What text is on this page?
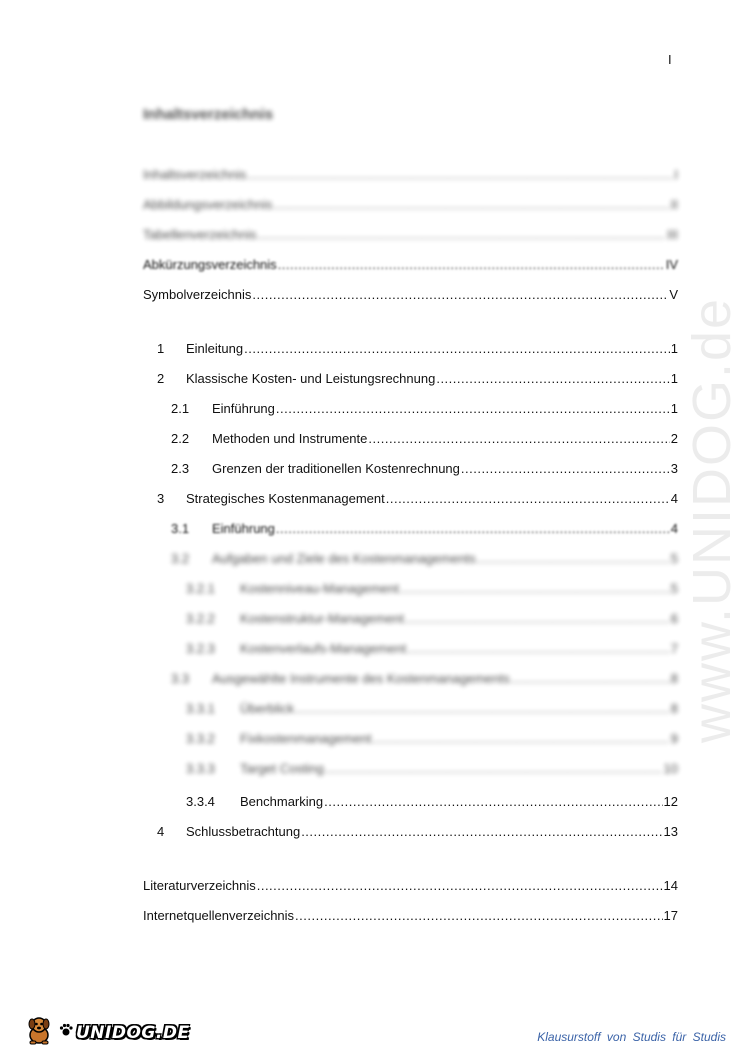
I
Inhaltsverzeichnis
Inhaltsverzeichnis .....	I
Abbildungsverzeichnis .....	II
Tabellenverzeichnis .....	III
Abkürzungsverzeichnis .....	IV
Symbolverzeichnis .....	V
1	Einleitung .....	1
2	Klassische Kosten- und Leistungsrechnung .....	1
2.1	Einführung .....	1
2.2	Methoden und Instrumente .....	2
2.3	Grenzen der traditionellen Kostenrechnung .....	3
3	Strategisches Kostenmanagement .....	4
3.1	Einführung .....	4
3.2	Aufgaben und Ziele des Kostenmanagements .....	5
3.2.1	Kostenniveau-Management .....	5
3.2.2	Kostenstruktur-Management .....	6
3.2.3	Kostenverlaufs-Management .....	7
3.3	Ausgewählte Instrumente des Kostenmanagements .....	8
3.3.1	Überblick .....	8
3.3.2	Fixkostenmanagement .....	9
3.3.3	Target Costing .....	10
3.3.4	Benchmarking .....	12
4	Schlussbetrachtung .....	13
Literaturverzeichnis .....	14
Internetquellenverzeichnis .....	17
www.UNIDOG.de
UNIDOG.DE	Klausurstoff von Studis für Studis
